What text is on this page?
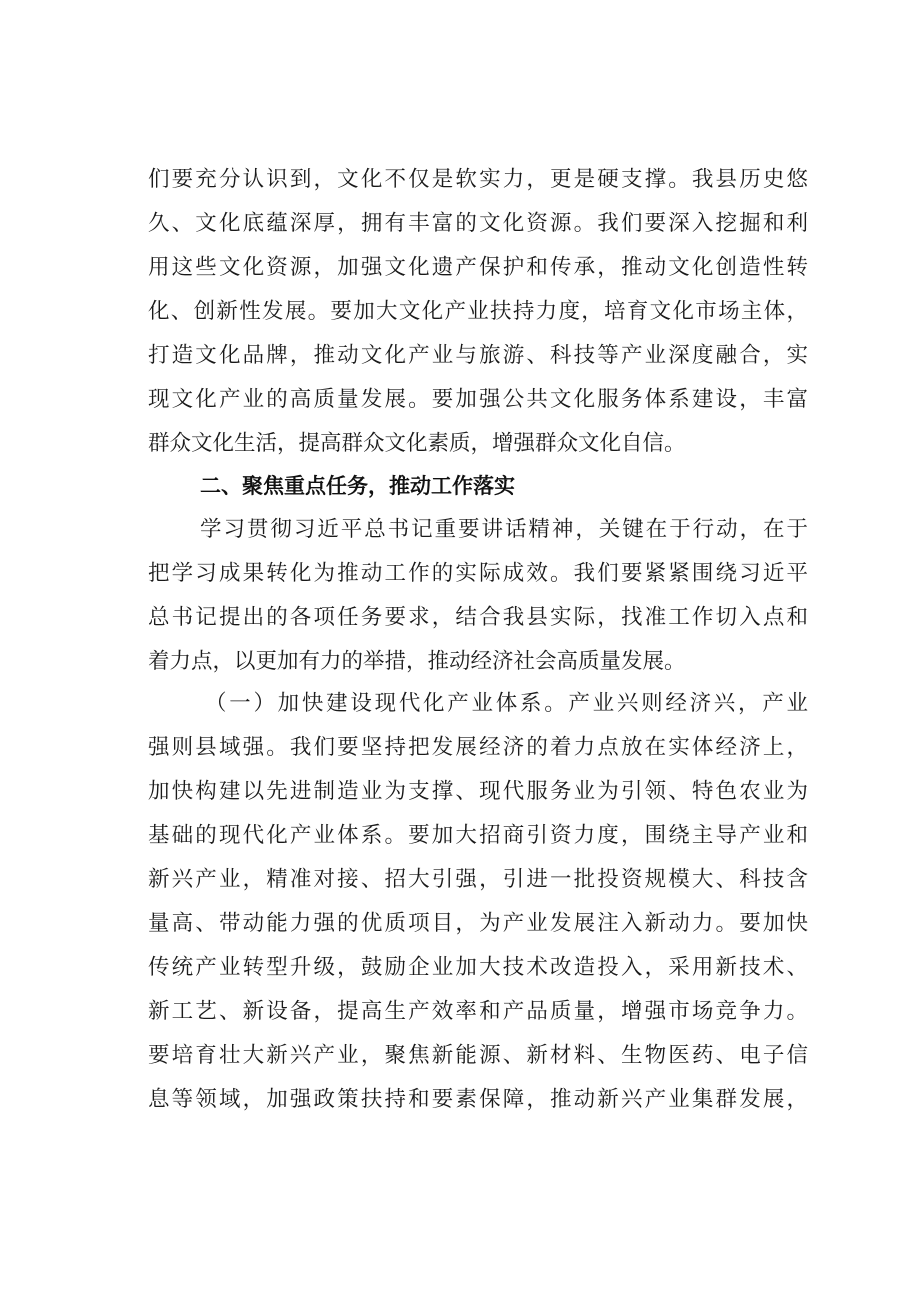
们要充分认识到，文化不仅是软实力，更是硬支撑。我县历史悠
久、文化底蕴深厚，拥有丰富的文化资源。我们要深入挖掘和利
用这些文化资源，加强文化遗产保护和传承，推动文化创造性转
化、创新性发展。要加大文化产业扶持力度，培育文化市场主体，
打造文化品牌，推动文化产业与旅游、科技等产业深度融合，实
现文化产业的高质量发展。要加强公共文化服务体系建设，丰富
群众文化生活，提高群众文化素质，增强群众文化自信。
二、聚焦重点任务，推动工作落实
学习贯彻习近平总书记重要讲话精神，关键在于行动，在于
把学习成果转化为推动工作的实际成效。我们要紧紧围绕习近平
总书记提出的各项任务要求，结合我县实际，找准工作切入点和
着力点，以更加有力的举措，推动经济社会高质量发展。
（一）加快建设现代化产业体系。产业兴则经济兴，产业
强则县域强。我们要坚持把发展经济的着力点放在实体经济上，
加快构建以先进制造业为支撑、现代服务业为引领、特色农业为
基础的现代化产业体系。要加大招商引资力度，围绕主导产业和
新兴产业，精准对接、招大引强，引进一批投资规模大、科技含
量高、带动能力强的优质项目，为产业发展注入新动力。要加快
传统产业转型升级，鼓励企业加大技术改造投入，采用新技术、
新工艺、新设备，提高生产效率和产品质量，增强市场竞争力。
要培育壮大新兴产业，聚焦新能源、新材料、生物医药、电子信
息等领域，加强政策扶持和要素保障，推动新兴产业集群发展，
